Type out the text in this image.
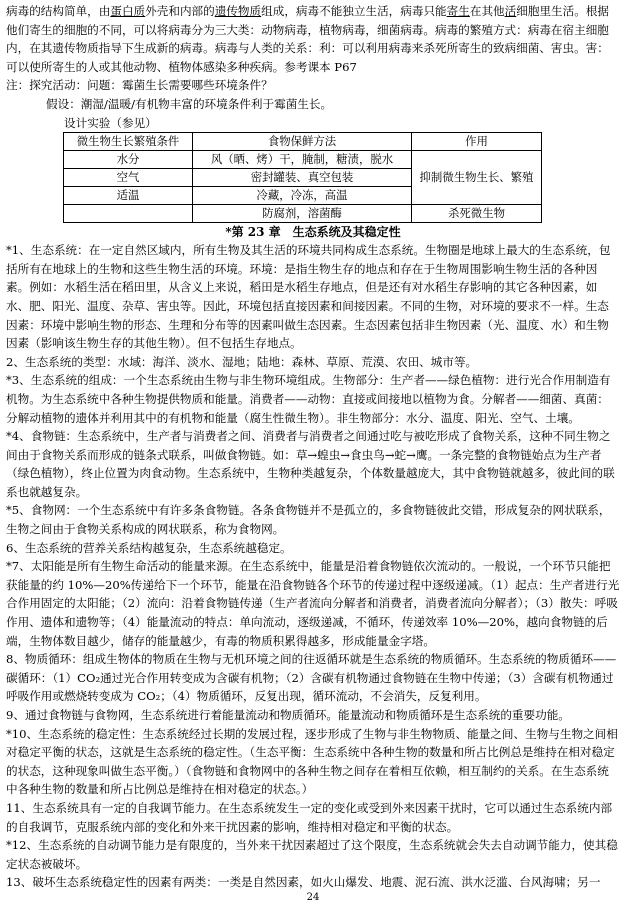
病毒的结构简单，由蛋白质外壳和内部的遗传物质组成，病毒不能独立生活，病毒只能寄生在其他活细胞里生活。根据他们寄生的细胞的不同，可以将病毒分为三大类：动物病毒，植物病毒，细菌病毒。病毒的繁殖方式：病毒在宿主细胞内，在其遗传物质指导下生成新的病毒。病毒与人类的关系：利：可以利用病毒来杀死所寄生的致病细菌、害虫。害：可以使所寄生的人或其他动物、植物体感染多种疾病。参考课本 P67

注：探究活动：问题：霉菌生长需要哪些环境条件？

假设：潮湿/温暖/有机物丰富的环境条件利于霉菌生长。

设计实验（参见）

微生物生长繁殖条件	食物保鲜方法	作用
水分	风（晒、烤）干，腌制，糖渍，脱水	抑制微生物生长、繁殖
空气	密封罐装、真空包装	
适温	冷藏，冷冻，高温	
	防腐剂，溶菌酶	杀死微生物

*第 23 章　生态系统及其稳定性

*1、生态系统：在一定自然区域内，所有生物及其生活的环境共同构成生态系统。生物圈是地球上最大的生态系统，包括所有在地球上的生物和这些生物生活的环境。环境：是指生物生存的地点和存在于生物周围影响生物生活的各种因素。例如：水稻生活在稻田里，从含义上来说，稻田是水稻生存地点，但是还有对水稻生存影响的其它各种因素，如水、肥、阳光、温度、杂草、害虫等。因此，环境包括直接因素和间接因素。不同的生物，对环境的要求不一样。生态因素：环境中影响生物的形态、生理和分布等的因素叫做生态因素。生态因素包括非生物因素（光、温度、水）和生物因素（影响该生物生存的其他生物）。但不包括生存地点。

2、生态系统的类型：水域：海洋、淡水、湿地；陆地：森林、草原、荒漠、农田、城市等。

*3、生态系统的组成：一个生态系统由生物与非生物环境组成。生物部分：生产者——绿色植物：进行光合作用制造有机物。为生态系统中各种生物提供物质和能量。消费者——动物：直接或间接地以植物为食。分解者——细菌、真菌：分解动植物的遗体并利用其中的有机物和能量（腐生性微生物）。非生物部分：水分、温度、阳光、空气、土壤。

*4、食物链：生态系统中，生产者与消费者之间、消费者与消费者之间通过吃与被吃形成了食物关系，这种不同生物之间由于食物关系而形成的链条式联系，叫做食物链。如：草→蝗虫→食虫鸟→蛇→鹰。一条完整的食物链始点为生产者（绿色植物），终止位置为肉食动物。生态系统中，生物种类越复杂，个体数量越庞大，其中食物链就越多，彼此间的联系也就越复杂。

*5、食物网：一个生态系统中有许多条食物链。各条食物链并不是孤立的，多食物链彼此交错，形成复杂的网状联系，生物之间由于食物关系构成的网状联系，称为食物网。

6、生态系统的营养关系结构越复杂，生态系统越稳定。

*7、太阳能是所有生物生命活动的能量来源。在生态系统中，能量是沿着食物链依次流动的。一般说，一个环节只能把获能量的约 10%—20%传递给下一个环节，能量在沿食物链各个环节的传递过程中逐级递减。（1）起点：生产者进行光合作用固定的太阳能；（2）流向：沿着食物链传递（生产者流向分解者和消费者，消费者流向分解者）；（3）散失：呼吸作用、遗体和遗物等；（4）能量流动的特点：单向流动，逐级递减，不循环，传递效率 10%—20%，越向食物链的后端，生物体数目越少，储存的能量越少，有毒的物质积累得越多，形成能量金字塔。

8、物质循环：组成生物体的物质在生物与无机环境之间的往返循环就是生态系统的物质循环。生态系统的物质循环——碳循环：（1）CO₂通过光合作用转变成为含碳有机物；（2）含碳有机物通过食物链在生物中传递；（3）含碳有机物通过呼吸作用或燃烧转变成为 CO₂；（4）物质循环，反复出现，循环流动，不会消失，反复利用。

9、通过食物链与食物网，生态系统进行着能量流动和物质循环。能量流动和物质循环是生态系统的重要功能。

*10、生态系统的稳定性：生态系统经过长期的发展过程，逐步形成了生物与非生物物质、能量之间、生物与生物之间相对稳定平衡的状态，这就是生态系统的稳定性。（生态平衡：生态系统中各种生物的数量和所占比例总是维持在相对稳定的状态，这种现象叫做生态平衡。）（食物链和食物网中的各种生物之间存在着相互依赖，相互制约的关系。在生态系统中各种生物的数量和所占比例总是维持在相对稳定的状态。）

11、生态系统具有一定的自我调节能力。在生态系统发生一定的变化或受到外来因素干扰时，它可以通过生态系统内部的自我调节，克服系统内部的变化和外来干扰因素的影响，维持相对稳定和平衡的状态。

*12、生态系统的自动调节能力是有限度的，当外来干扰因素超过了这个限度，生态系统就会失去自动调节能力，使其稳定状态被破坏。

13、破坏生态系统稳定性的因素有两类：一类是自然因素，如火山爆发、地震、泥石流、洪水泛滥、台风海啸；另一

24
